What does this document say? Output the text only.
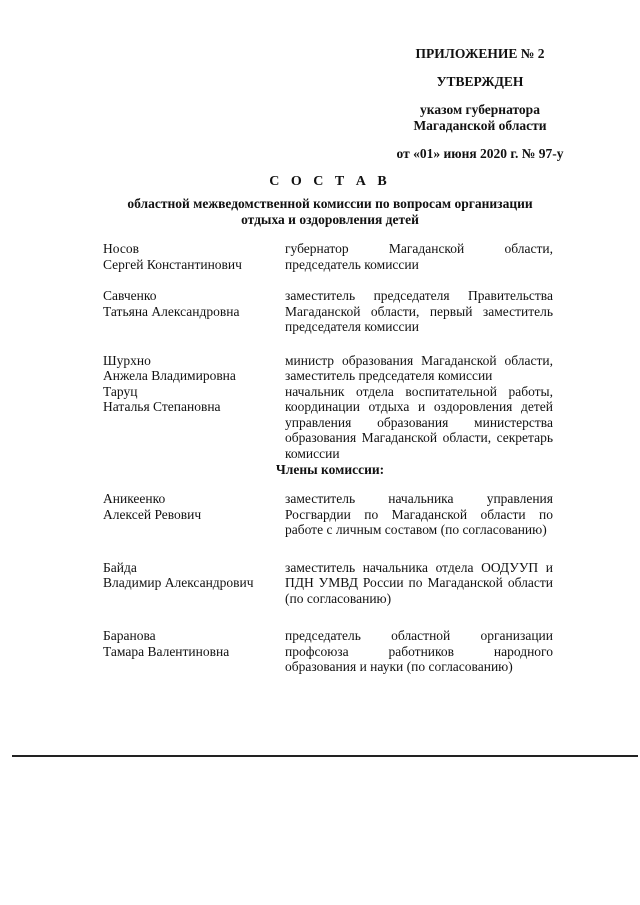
ПРИЛОЖЕНИЕ № 2
УТВЕРЖДЕН
указом губернатора
Магаданской области
от «01» июня 2020 г. № 97-у
С О С Т А В
областной межведомственной комиссии по вопросам организации
отдыха и оздоровления детей
Носов
Сергей Константинович
губернатор Магаданской области, председатель комиссии
Савченко
Татьяна Александровна
заместитель председателя Правительства Магаданской области, первый заместитель председателя комиссии
Шурхно
Анжела Владимировна
министр образования Магаданской области, заместитель председателя комиссии
Таруц
Наталья Степановна
начальник отдела воспитательной работы, координации отдыха и оздоровления детей управления образования министерства образования Магаданской области, секретарь комиссии
Члены комиссии:
Аникеенко
Алексей Ревович
заместитель начальника управления Росгвардии по Магаданской области по работе с личным составом (по согласованию)
Байда
Владимир Александрович
заместитель начальника отдела ООДУУП и ПДН УМВД России по Магаданской области (по согласованию)
Баранова
Тамара Валентиновна
председатель областной организации профсоюза работников народного образования и науки (по согласованию)
